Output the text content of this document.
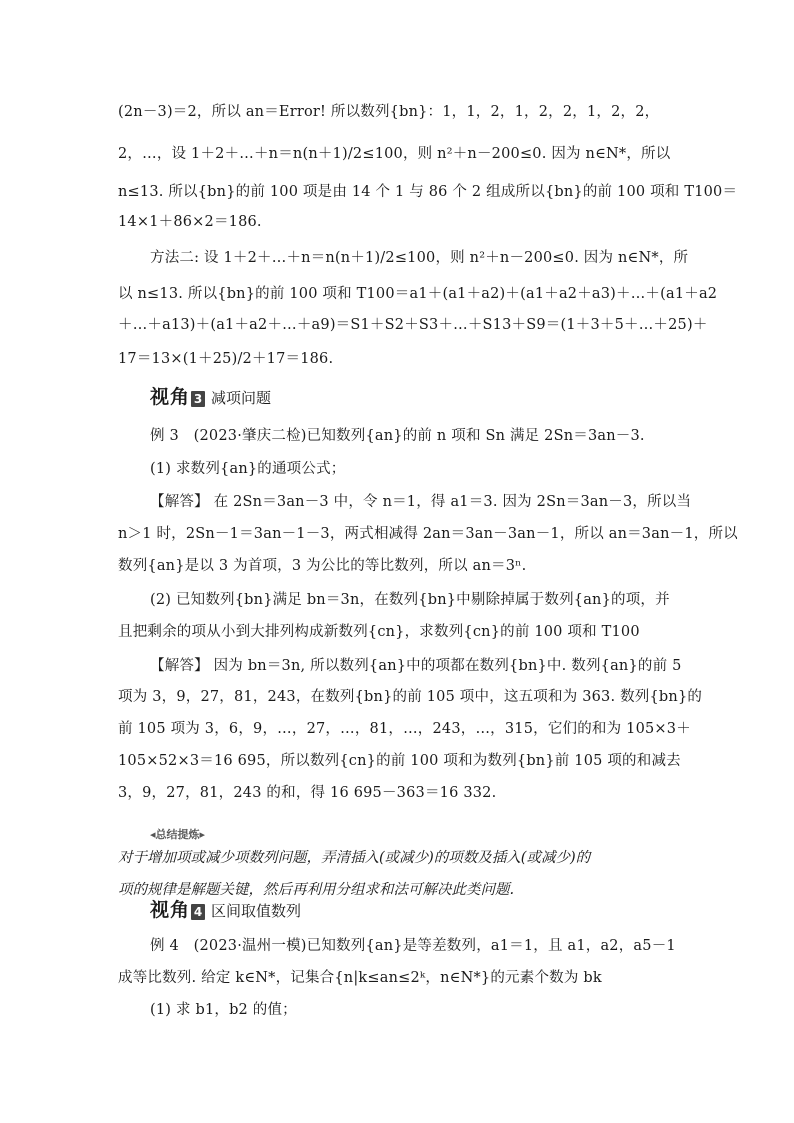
(2n－3)＝2，所以 an＝Error! 所以数列{bn}：1，1，2，1，2，2，1，2，2，
2，…，设 1＋2＋…＋n＝n(n＋1)/2≤100，则 n²＋n－200≤0. 因为 n∈N*，所以
n≤13. 所以{bn}的前 100 项是由 14 个 1 与 86 个 2 组成所以{bn}的前 100 项和 T100＝
14×1＋86×2＝186.
方法二: 设 1＋2＋…＋n＝n(n＋1)/2≤100，则 n²＋n－200≤0. 因为 n∈N*，所
以 n≤13. 所以{bn}的前 100 项和 T100＝a1＋(a1＋a2)＋(a1＋a2＋a3)＋…＋(a1＋a2
＋…＋a13)＋(a1＋a2＋…＋a9)＝S1＋S2＋S3＋…＋S13＋S9＝(1＋3＋5＋…＋25)＋
17＝13×(1＋25)/2＋17＝186.
视角 3 减项问题
例 3　(2023·肇庆二检)已知数列{an}的前 n 项和 Sn 满足 2Sn＝3an－3.
(1) 求数列{an}的通项公式；
【解答】 在 2Sn＝3an－3 中，令 n＝1，得 a1＝3. 因为 2Sn＝3an－3，所以当
n＞1 时，2Sn－1＝3an－1－3，两式相减得 2an＝3an－3an－1，所以 an＝3an－1，所以
数列{an}是以 3 为首项，3 为公比的等比数列，所以 an＝3ⁿ.
(2) 已知数列{bn}满足 bn＝3n，在数列{bn}中剔除掉属于数列{an}的项，并
且把剩余的项从小到大排列构成新数列{cn}，求数列{cn}的前 100 项和 T100
【解答】 因为 bn＝3n, 所以数列{an}中的项都在数列{bn}中. 数列{an}的前 5
项为 3，9，27，81，243，在数列{bn}的前 105 项中，这五项和为 363. 数列{bn}的
前 105 项为 3，6，9，…，27，…，81，…，243，…，315，它们的和为 105×3＋
105×52×3＝16 695，所以数列{cn}的前 100 项和为数列{bn}前 105 项的和减去
3，9，27，81，243 的和，得 16 695－363＝16 332.
◂总结提炼▸
对于增加项或减少项数列问题，弄清插入(或减少)的项数及插入(或减少)的
项的规律是解题关键，然后再利用分组求和法可解决此类问题.
视角 4 区间取值数列
例 4　(2023·温州一模)已知数列{an}是等差数列，a1＝1，且 a1，a2，a5－1
成等比数列. 给定 k∈N*，记集合{n|k≤an≤2ᵏ，n∈N*}的元素个数为 bk
(1) 求 b1，b2 的值；
